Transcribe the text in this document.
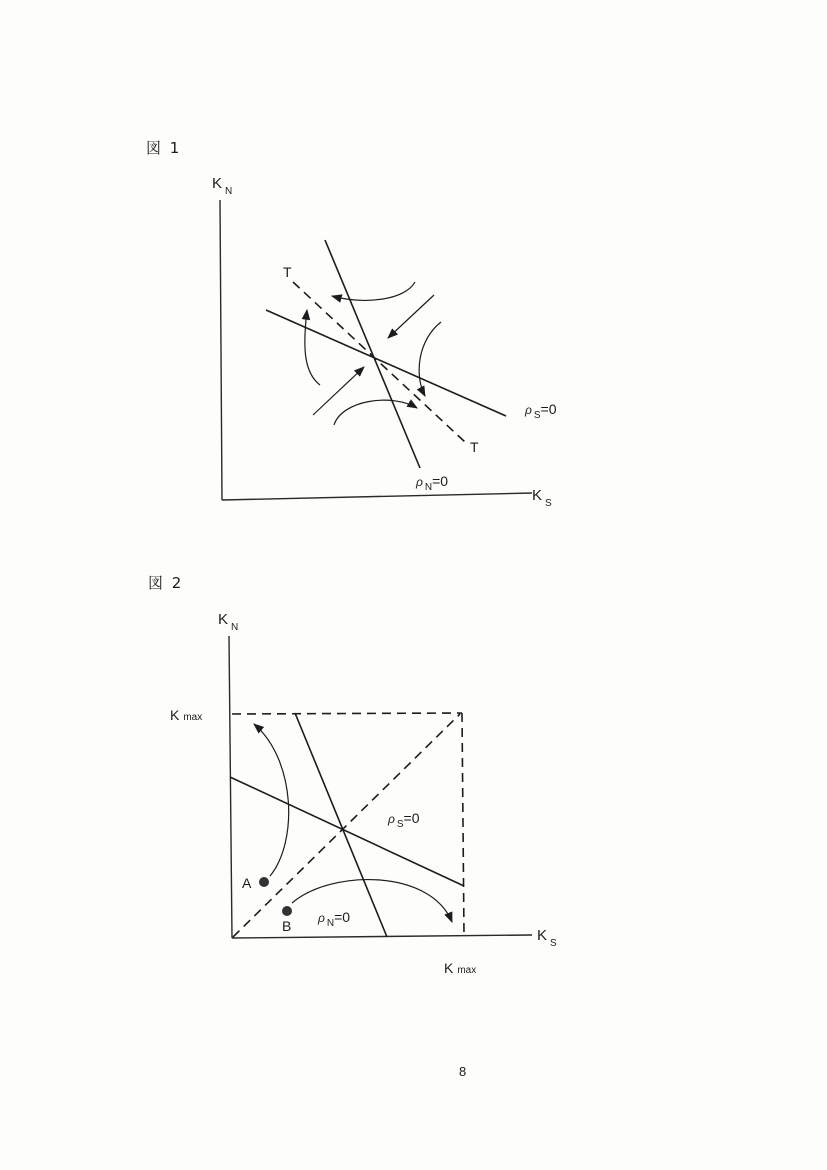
図 1
図 2
K $_N$
K $_S$
T
T
ρ $_S$=0
ρ $_N$=0
K $_N$
K $_S$
K max
K max
ρ $_S$=0
ρ $_N$=0
A
B
8
